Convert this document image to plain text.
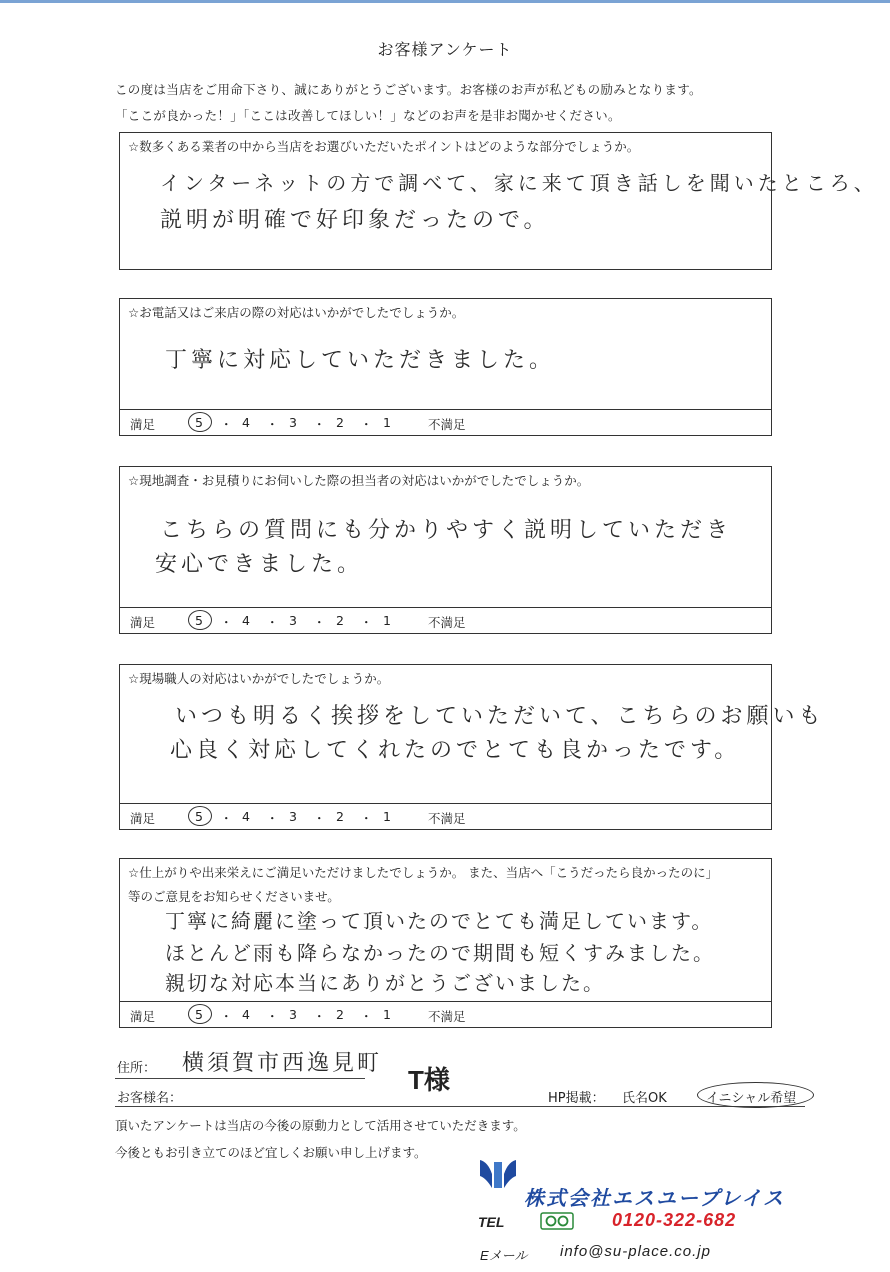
お客様アンケート
この度は当店をご用命下さり、誠にありがとうございます。お客様のお声が私どもの励みとなります。
「ここが良かった！」「ここは改善してほしい！」などのお声を是非お聞かせください。
☆数多くある業者の中から当店をお選びいただいたポイントはどのような部分でしょうか。
インターネットの方で調べて、家に来て頂き話しを聞いたところ、
説明が明確で好印象だったので。
☆お電話又はご来店の際の対応はいかがでしたでしょうか。
丁寧に対応していただきました。
満足	5 ・ 4 ・ 3 ・ 2 ・ 1	不満足
☆現地調査・お見積りにお伺いした際の担当者の対応はいかがでしたでしょうか。
こちらの質問にも分かりやすく説明していただき
安心できました。
満足	5 ・ 4 ・ 3 ・ 2 ・ 1	不満足
☆現場職人の対応はいかがでしたでしょうか。
いつも明るく挨拶をしていただいて、こちらのお願いも
心良く対応してくれたのでとても良かったです。
満足	5 ・ 4 ・ 3 ・ 2 ・ 1	不満足
☆仕上がりや出来栄えにご満足いただけましたでしょうか。 また、当店へ「こうだったら良かったのに」
等のご意見をお知らせくださいませ。
丁寧に綺麗に塗って頂いたのでとても満足しています。
ほとんど雨も降らなかったので期間も短くすみました。
親切な対応本当にありがとうございました。
満足	5 ・ 4 ・ 3 ・ 2 ・ 1	不満足
住所： 横須賀市西逸見町
お客様名：
T様
HP掲載： 氏名OK	イニシャル希望
頂いたアンケートは当店の今後の原動力として活用させていただきます。
今後ともお引き立てのほど宜しくお願い申し上げます。
株式会社エスユープレイス
TEL	0120-322-682
Eメール info@su-place.co.jp
